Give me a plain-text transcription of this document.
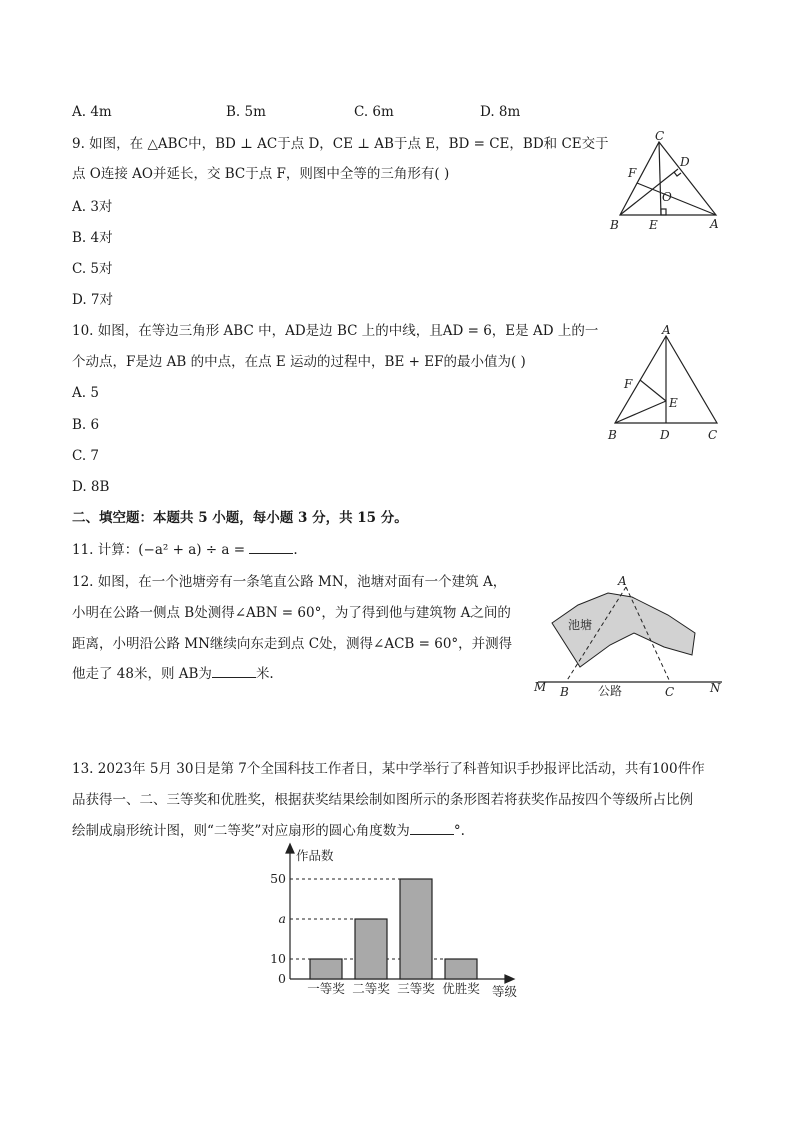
A. 4m	B. 5m	C. 6m	D. 8m
9. 如图，在 △ABC中，BD ⊥ AC于点 D，CE ⊥ AB于点 E，BD = CE，BD和 CE交于
点 O连接 AO并延长，交 BC于点 F，则图中全等的三角形有( )
A. 3对
B. 4对
C. 5对
D. 7对
C
D
F
O
B	E	A
10. 如图，在等边三角形 ABC 中，AD是边 BC 上的中线，且AD = 6，E是 AD 上的一
个动点，F是边 AB 的中点，在点 E 运动的过程中，BE + EF的最小值为( )
A. 5
B. 6
C. 7
D. 8B
A
F
E
B	D	C
二、填空题：本题共 5 小题，每小题 3 分，共 15 分。
11. 计算：(−a² + a) ÷ a =	.
12. 如图，在一个池塘旁有一条笔直公路 MN，池塘对面有一个建筑 A，
小明在公路一侧点 B处测得∠ABN = 60°，为了得到他与建筑物 A之间的
距离，小明沿公路 MN继续向东走到点 C处，测得∠ACB = 60°，并测得
他走了 48米，则 AB为	米.
池塘
公路
A
M B	C	N
13. 2023年 5月 30日是第 7个全国科技工作者日，某中学举行了科普知识手抄报评比活动，共有100件作
品获得一、二、三等奖和优胜奖，根据获奖结果绘制如图所示的条形图若将获奖作品按四个等级所占比例
绘制成扇形统计图，则“二等奖”对应扇形的圆心角度数为	°.
作品数
等级
0
10
a
50
一等奖 二等奖 三等奖 优胜奖
